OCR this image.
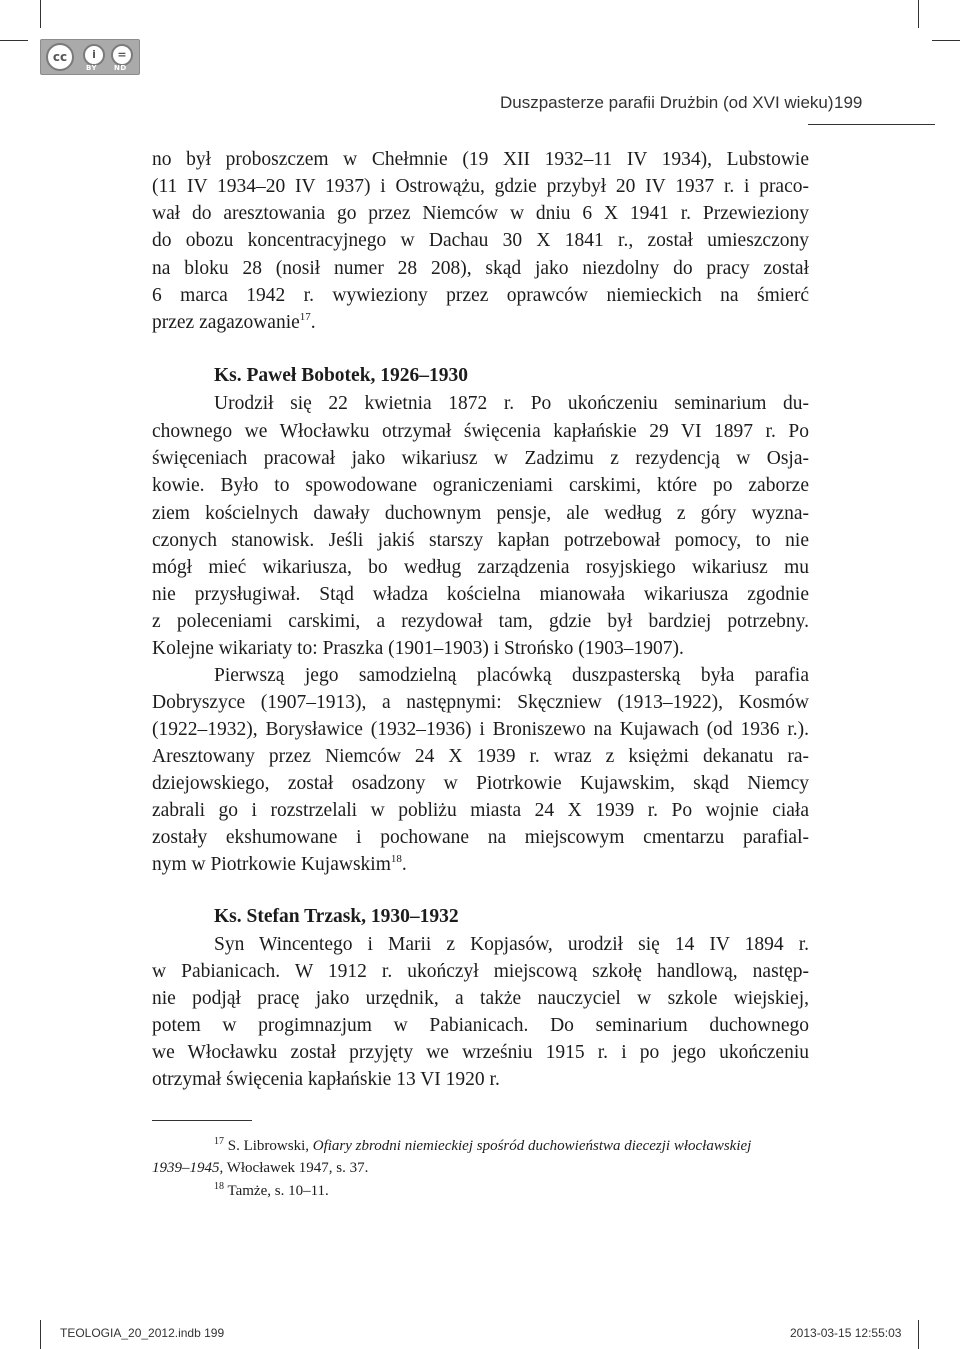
cc	i	=
BY ND
Duszpasterze parafii Drużbin (od XVI wieku) 199
no był proboszczem w Chełmnie (19 XII 1932–11 IV 1934), Lubstowie
(11 IV 1934–20 IV 1937) i Ostrowążu, gdzie przybył 20 IV 1937 r. i praco-
wał do aresztowania go przez Niemców w dniu 6 X 1941 r. Przewieziony
do obozu koncentracyjnego w Dachau 30 X 1841 r., został umieszczony
na bloku 28 (nosił numer 28 208), skąd jako niezdolny do pracy został
6 marca 1942 r. wywieziony przez oprawców niemieckich na śmierć
przez zagazowanie$^{17}$.
Ks. Paweł Bobotek, 1926–1930
Urodził się 22 kwietnia 1872 r. Po ukończeniu seminarium du-
chownego we Włocławku otrzymał święcenia kapłańskie 29 VI 1897 r. Po
święceniach pracował jako wikariusz w Zadzimu z rezydencją w Osja-
kowie. Było to spowodowane ograniczeniami carskimi, które po zaborze
ziem kościelnych dawały duchownym pensje, ale według z góry wyzna-
czonych stanowisk. Jeśli jakiś starszy kapłan potrzebował pomocy, to nie
mógł mieć wikariusza, bo według zarządzenia rosyjskiego wikariusz mu
nie przysługiwał. Stąd władza kościelna mianowała wikariusza zgodnie
z poleceniami carskimi, a rezydował tam, gdzie był bardziej potrzebny.
Kolejne wikariaty to: Praszka (1901–1903) i Strońsko (1903–1907).
Pierwszą jego samodzielną placówką duszpasterską była parafia
Dobryszyce (1907–1913), a następnymi: Skęczniew (1913–1922), Kosmów
(1922–1932), Borysławice (1932–1936) i Broniszewo na Kujawach (od 1936 r.).
Aresztowany przez Niemców 24 X 1939 r. wraz z księżmi dekanatu ra-
dziejowskiego, został osadzony w Piotrkowie Kujawskim, skąd Niemcy
zabrali go i rozstrzelali w pobliżu miasta 24 X 1939 r. Po wojnie ciała
zostały ekshumowane i pochowane na miejscowym cmentarzu parafial-
nym w Piotrkowie Kujawskim$^{18}$.
Ks. Stefan Trzask, 1930–1932
Syn Wincentego i Marii z Kopjasów, urodził się 14 IV 1894 r.
w Pabianicach. W 1912 r. ukończył miejscową szkołę handlową, następ-
nie podjął pracę jako urzędnik, a także nauczyciel w szkole wiejskiej,
potem w progimnazjum w Pabianicach. Do seminarium duchownego
we Włocławku został przyjęty we wrześniu 1915 r. i po jego ukończeniu
otrzymał święcenia kapłańskie 13 VI 1920 r.
$^{17}$ S. Librowski, Ofiary zbrodni niemieckiej spośród duchowieństwa diecezji włocławskiej
1939–1945, Włocławek 1947, s. 37.
$^{18}$ Tamże, s. 10–11.
TEOLOGIA_20_2012.indb 199	2013-03-15 12:55:03
